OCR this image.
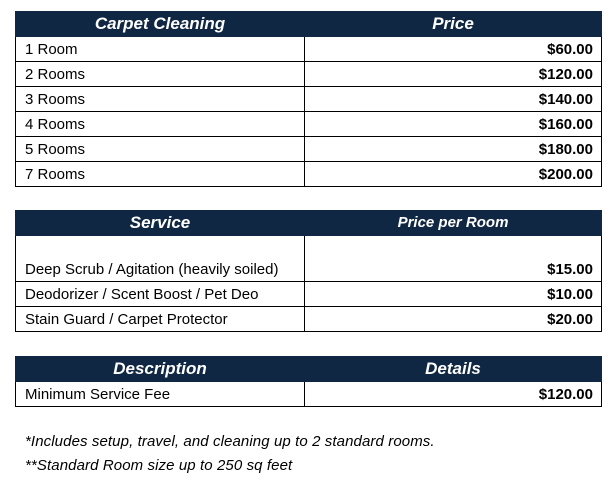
Carpet Cleaning	Price
1 Room	$60.00
2 Rooms	$120.00
3 Rooms	$140.00
4 Rooms	$160.00
5 Rooms	$180.00
7 Rooms	$200.00
Service	Price per Room
Deep Scrub / Agitation (heavily soiled)	$15.00
Deodorizer / Scent Boost / Pet Deo	$10.00
Stain Guard / Carpet Protector	$20.00
Description	Details
Minimum Service Fee	$120.00
*Includes setup, travel, and cleaning up to 2 standard rooms.
**Standard Room size up to 250 sq feet
